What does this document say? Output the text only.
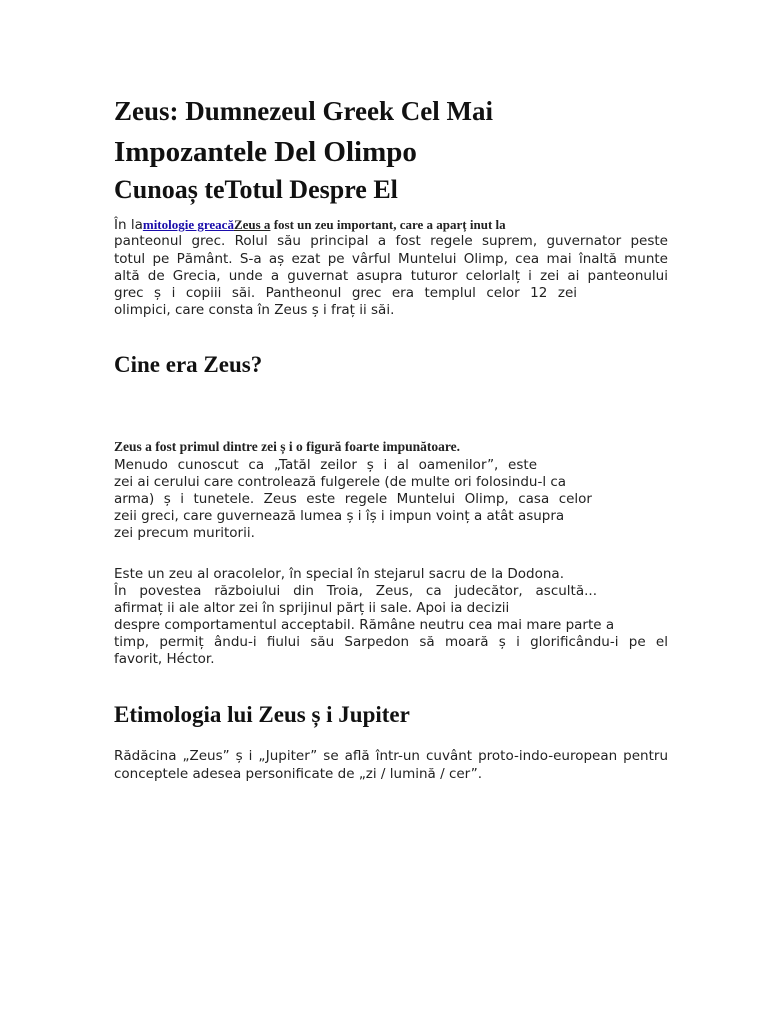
Zeus: Dumnezeul Greek Cel Mai
Impozantele Del Olimpo
Cunoaș teTotul Despre El
În lamitologie greacăZeus a fost un zeu important, care a aparț inut la
panteonul grec. Rolul său principal a fost regele suprem, guvernator peste
totul pe Pământ. S-a aș ezat pe vârful Muntelui Olimp, cea mai înaltă munte
altă de Grecia, unde a guvernat asupra tuturor celorlalț i zei ai panteonului
grec ș i copiii săi. Pantheonul grec era templul celor 12 zei
olimpici, care consta în Zeus ș i fraț ii săi.
Cine era Zeus?
Zeus a fost primul dintre zei ș i o figură foarte impunătoare.
Menudo cunoscut ca „Tatăl zeilor ș i al oamenilor”, este
zei ai cerului care controlează fulgerele (de multe ori folosindu-l ca
arma) ș i tunetele. Zeus este regele Muntelui Olimp, casa celor
zeii greci, care guvernează lumea ș i îș i impun voinț a atât asupra
zei precum muritorii.
Este un zeu al oracolelor, în special în stejarul sacru de la Dodona.
În povestea războiului din Troia, Zeus, ca judecător, ascultă...
afirmaț ii ale altor zei în sprijinul părț ii sale. Apoi ia decizii
despre comportamentul acceptabil. Rămâne neutru cea mai mare parte a
timp, permiț ându-i fiului său Sarpedon să moară ș i glorificându-i pe el
favorit, Héctor.
Etimologia lui Zeus ș i Jupiter
Rădăcina „Zeus” ș i „Jupiter” se află într-un cuvânt proto-indo-european pentru
conceptele adesea personificate de „zi / lumină / cer”.
